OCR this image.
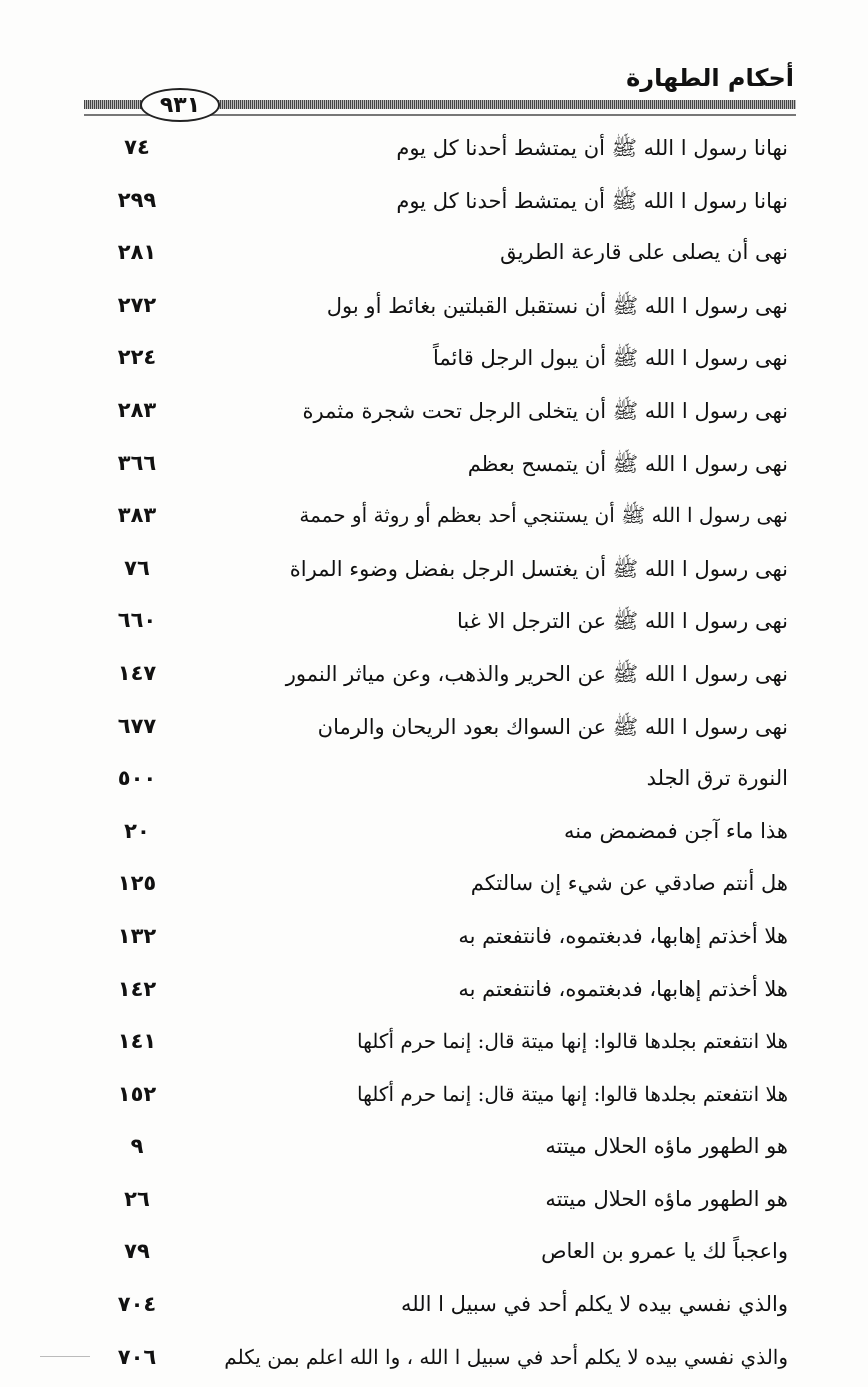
أحكام الطهارة
٩٣١
نهانا رسول ا الله ﷺ أن يمتشط أحدنا كل يوم
٧٤
نهانا رسول ا الله ﷺ أن يمتشط أحدنا كل يوم
٢٩٩
نهى أن يصلى على قارعة الطريق
٢٨١
نهى رسول ا الله ﷺ أن نستقبل القبلتين بغائط أو بول
٢٧٢
نهى رسول ا الله ﷺ أن يبول الرجل قائماً
٢٢٤
نهى رسول ا الله ﷺ أن يتخلى الرجل تحت شجرة مثمرة
٢٨٣
نهى رسول ا الله ﷺ أن يتمسح بعظم
٣٦٦
نهى رسول ا الله ﷺ أن يستنجي أحد بعظم أو روثة أو حممة
٣٨٣
نهى رسول ا الله ﷺ أن يغتسل الرجل بفضل وضوء المراة
٧٦
نهى رسول ا الله ﷺ عن الترجل الا غبا
٦٦٠
نهى رسول ا الله ﷺ عن الحرير والذهب، وعن مياثر النمور
١٤٧
نهى رسول ا الله ﷺ عن السواك بعود الريحان والرمان
٦٧٧
النورة ترق الجلد
٥٠٠
هذا ماء آجن فمضمض منه
٢٠
هل أنتم صادقي عن شيء إن سالتكم
١٢٥
هلا أخذتم إهابها، فدبغتموه، فانتفعتم به
١٣٢
هلا أخذتم إهابها، فدبغتموه، فانتفعتم به
١٤٢
هلا انتفعتم بجلدها قالوا: إنها ميتة قال: إنما حرم أكلها
١٤١
هلا انتفعتم بجلدها قالوا: إنها ميتة قال: إنما حرم أكلها
١٥٢
هو الطهور ماؤه الحلال ميتته
٩
هو الطهور ماؤه الحلال ميتته
٢٦
واعجباً لك يا عمرو بن العاص
٧٩
والذي نفسي بيده لا يكلم أحد في سبيل ا الله
٧٠٤
والذي نفسي بيده لا يكلم أحد في سبيل ا الله ، وا الله اعلم بمن يكلم
٧٠٦
